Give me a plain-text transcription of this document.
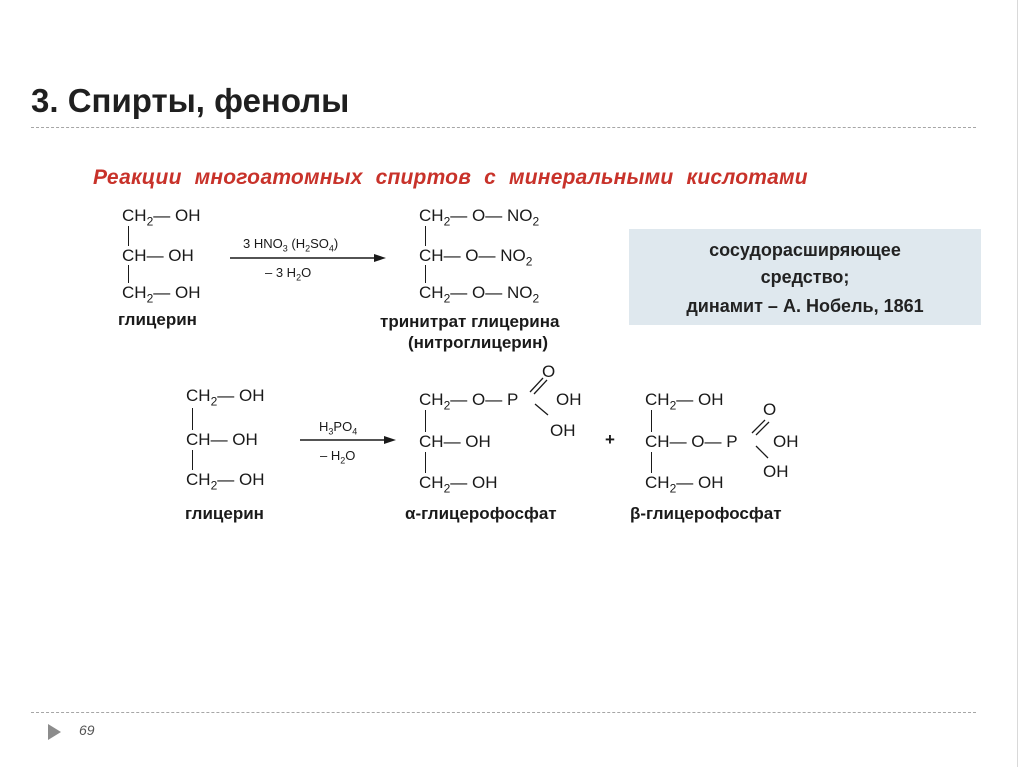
3. Спирты, фенолы
Реакции многоатомных спиртов с минеральными кислотами
$CH_2—$ OH
CH— OH
$CH_2—$ OH
глицерин
3 $HNO_3$ $(H_2SO_4)$
– 3 $H_2O$
$CH_2—$ O— $NO_2$
CH— O— $NO_2$
$CH_2—$ O— $NO_2$
тринитрат глицерина
(нитроглицерин)
сосудорасширяющее
средство;
динамит – А. Нобель, 1861
$CH_2—$ OH
CH— OH
$CH_2—$ OH
глицерин
$H_3PO_4$
– $H_2O$
O
$CH_2—$ O— P OH
OH
CH— OH
$CH_2—$ OH
α-глицерофосфат
+
$CH_2—$ OH
O
CH— O— P OH
OH
$CH_2—$ OH
β-глицерофосфат
69
